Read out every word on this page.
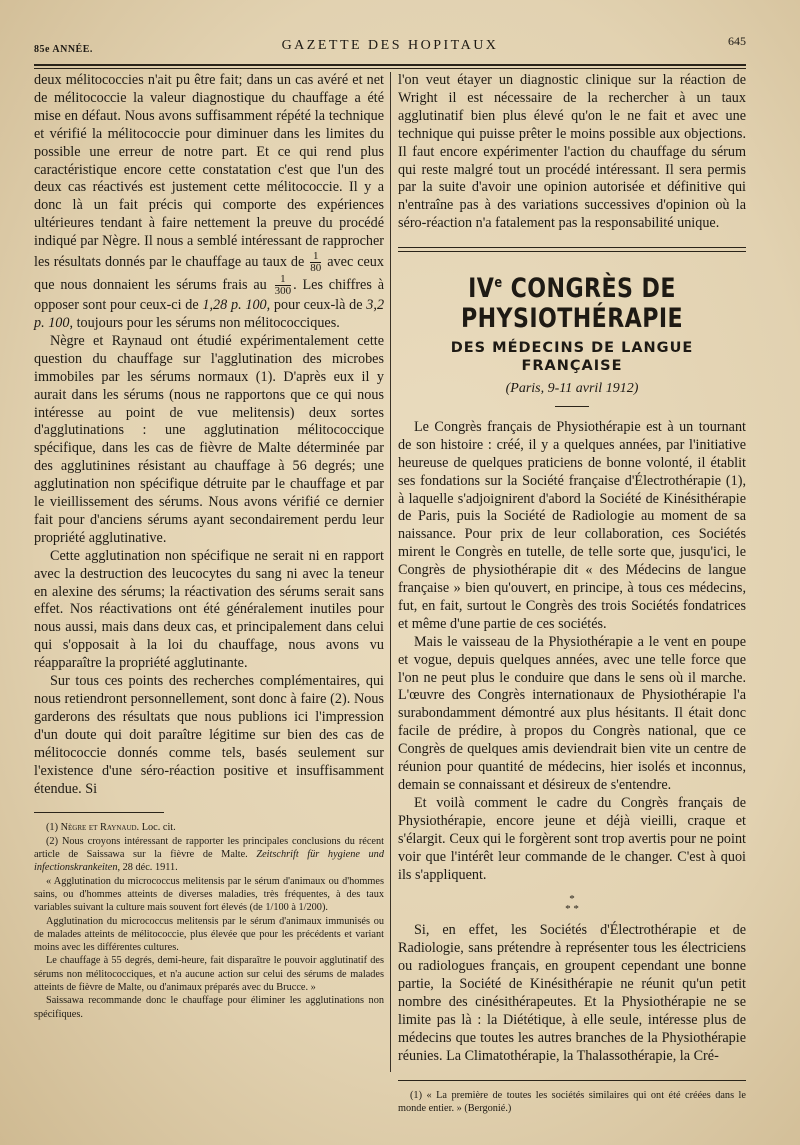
85e ANNÉE.	GAZETTE DES HOPITAUX	645

deux mélitococcies n'ait pu être fait; dans un cas avéré et net de mélitococcie la valeur diagnostique du chauffage a été mise en défaut. Nous avons suffisamment répété la technique et vérifié la mélitococcie pour diminuer dans les limites du possible une erreur de notre part. Et ce qui rend plus caractéristique encore cette constatation c'est que l'un des deux cas réactivés est justement cette mélitococcie. Il y a donc là un fait précis qui comporte des expériences ultérieures tendant à faire nettement la preuve du procédé indiqué par Nègre. Il nous a semblé intéressant de rapprocher les résultats donnés par le chauffage au taux de $\frac{1}{80}$ avec ceux que nous donnaient les sérums frais au $\frac{1}{300}$ . Les chiffres à opposer sont pour ceux-ci de 1,28 p. 100, pour ceux-là de 3,2 p. 100, toujours pour les sérums non mélitococciques.

Nègre et Raynaud ont étudié expérimentalement cette question du chauffage sur l'agglutination des microbes immobiles par les sérums normaux (1). D'après eux il y aurait dans les sérums (nous ne rapportons que ce qui nous intéresse au point de vue melitensis) deux sortes d'agglutinations : une agglutination mélitococcique spécifique, dans les cas de fièvre de Malte déterminée par des agglutinines résistant au chauffage à 56 degrés; une agglutination non spécifique détruite par le chauffage et par le vieillissement des sérums. Nous avons vérifié ce dernier fait pour d'anciens sérums ayant secondairement perdu leur propriété agglutinative.

Cette agglutination non spécifique ne serait ni en rapport avec la destruction des leucocytes du sang ni avec la teneur en alexine des sérums; la réactivation des sérums serait sans effet. Nos réactivations ont été généralement inutiles pour nous aussi, mais dans deux cas, et principalement dans celui qui s'opposait à la loi du chauffage, nous avons vu réapparaître la propriété agglutinante.

Sur tous ces points des recherches complémentaires, qui nous retiendront personnellement, sont donc à faire (2). Nous garderons des résultats que nous publions ici l'impression d'un doute qui doit paraître légitime sur bien des cas de mélitococcie donnés comme tels, basés seulement sur l'existence d'une séro-réaction positive et insuffisamment étendue. Si

(1) Nègre et Raynaud. Loc. cit.

(2) Nous croyons intéressant de rapporter les principales conclusions du récent article de Saissawa sur la fièvre de Malte. Zeitschrift für hygiene und infectionskrankeiten, 28 déc. 1911.

« Agglutination du micrococcus melitensis par le sérum d'animaux ou d'hommes sains, ou d'hommes atteints de diverses maladies, très fréquentes, à des taux variables suivant la culture mais souvent fort élevés (de 1/100 à 1/200).

Agglutination du micrococcus melitensis par le sérum d'animaux immunisés ou de malades atteints de mélitococcie, plus élevée que pour les précédents et variant moins avec les différentes cultures.

Le chauffage à 55 degrés, demi-heure, fait disparaître le pouvoir agglutinatif des sérums non mélitococciques, et n'a aucune action sur celui des sérums de malades atteints de fièvre de Malte, ou d'animaux préparés avec du Brucce. »

Saissawa recommande donc le chauffage pour éliminer les agglutinations non spécifiques.

l'on veut étayer un diagnostic clinique sur la réaction de Wright il est nécessaire de la rechercher à un taux agglutinatif bien plus élevé qu'on le ne fait et avec une technique qui puisse prêter le moins possible aux objections. Il faut encore expérimenter l'action du chauffage du sérum qui reste malgré tout un procédé intéressant. Il sera permis par la suite d'avoir une opinion autorisée et définitive qui n'entraîne pas à des variations successives d'opinion où la séro-réaction n'a fatalement pas la responsabilité unique.

IVe CONGRÈS DE PHYSIOTHÉRAPIE
DES MÉDECINS DE LANGUE FRANÇAISE
(Paris, 9-11 avril 1912)

Le Congrès français de Physiothérapie est à un tournant de son histoire : créé, il y a quelques années, par l'initiative heureuse de quelques praticiens de bonne volonté, il établit ses fondations sur la Société française d'Électrothérapie (1), à laquelle s'adjoignirent d'abord la Société de Kinésithérapie de Paris, puis la Société de Radiologie au moment de sa naissance. Pour prix de leur collaboration, ces Sociétés mirent le Congrès en tutelle, de telle sorte que, jusqu'ici, le Congrès de physiothérapie dit « des Médecins de langue française » bien qu'ouvert, en principe, à tous ces médecins, fut, en fait, surtout le Congrès des trois Sociétés fondatrices et même d'une partie de ces sociétés.

Mais le vaisseau de la Physiothérapie a le vent en poupe et vogue, depuis quelques années, avec une telle force que l'on ne peut plus le conduire que dans le sens où il marche. L'œuvre des Congrès internationaux de Physiothérapie l'a surabondamment démontré aux plus hésitants. Il était donc facile de prédire, à propos du Congrès national, que ce Congrès de quelques amis deviendrait bien vite un centre de réunion pour quantité de médecins, hier isolés et inconnus, demain se connaissant et désireux de s'entendre.

Et voilà comment le cadre du Congrès français de Physiothérapie, encore jeune et déjà vieilli, craque et s'élargit. Ceux qui le forgèrent sont trop avertis pour ne point voir que l'intérêt leur commande de le changer. C'est à quoi ils s'appliquent.

*
* *

Si, en effet, les Sociétés d'Électrothérapie et de Radiologie, sans prétendre à représenter tous les électriciens ou radiologues français, en groupent cependant une bonne partie, la Société de Kinésithérapie ne réunit qu'un petit nombre des cinésithérapeutes. Et la Physiothérapie ne se limite pas là : la Diététique, à elle seule, intéresse plus de médecins que toutes les autres branches de la Physiothérapie réunies. La Climatothérapie, la Thalassothérapie, la Cré-

(1) « La première de toutes les sociétés similaires qui ont été créées dans le monde entier. » (Bergonié.)
